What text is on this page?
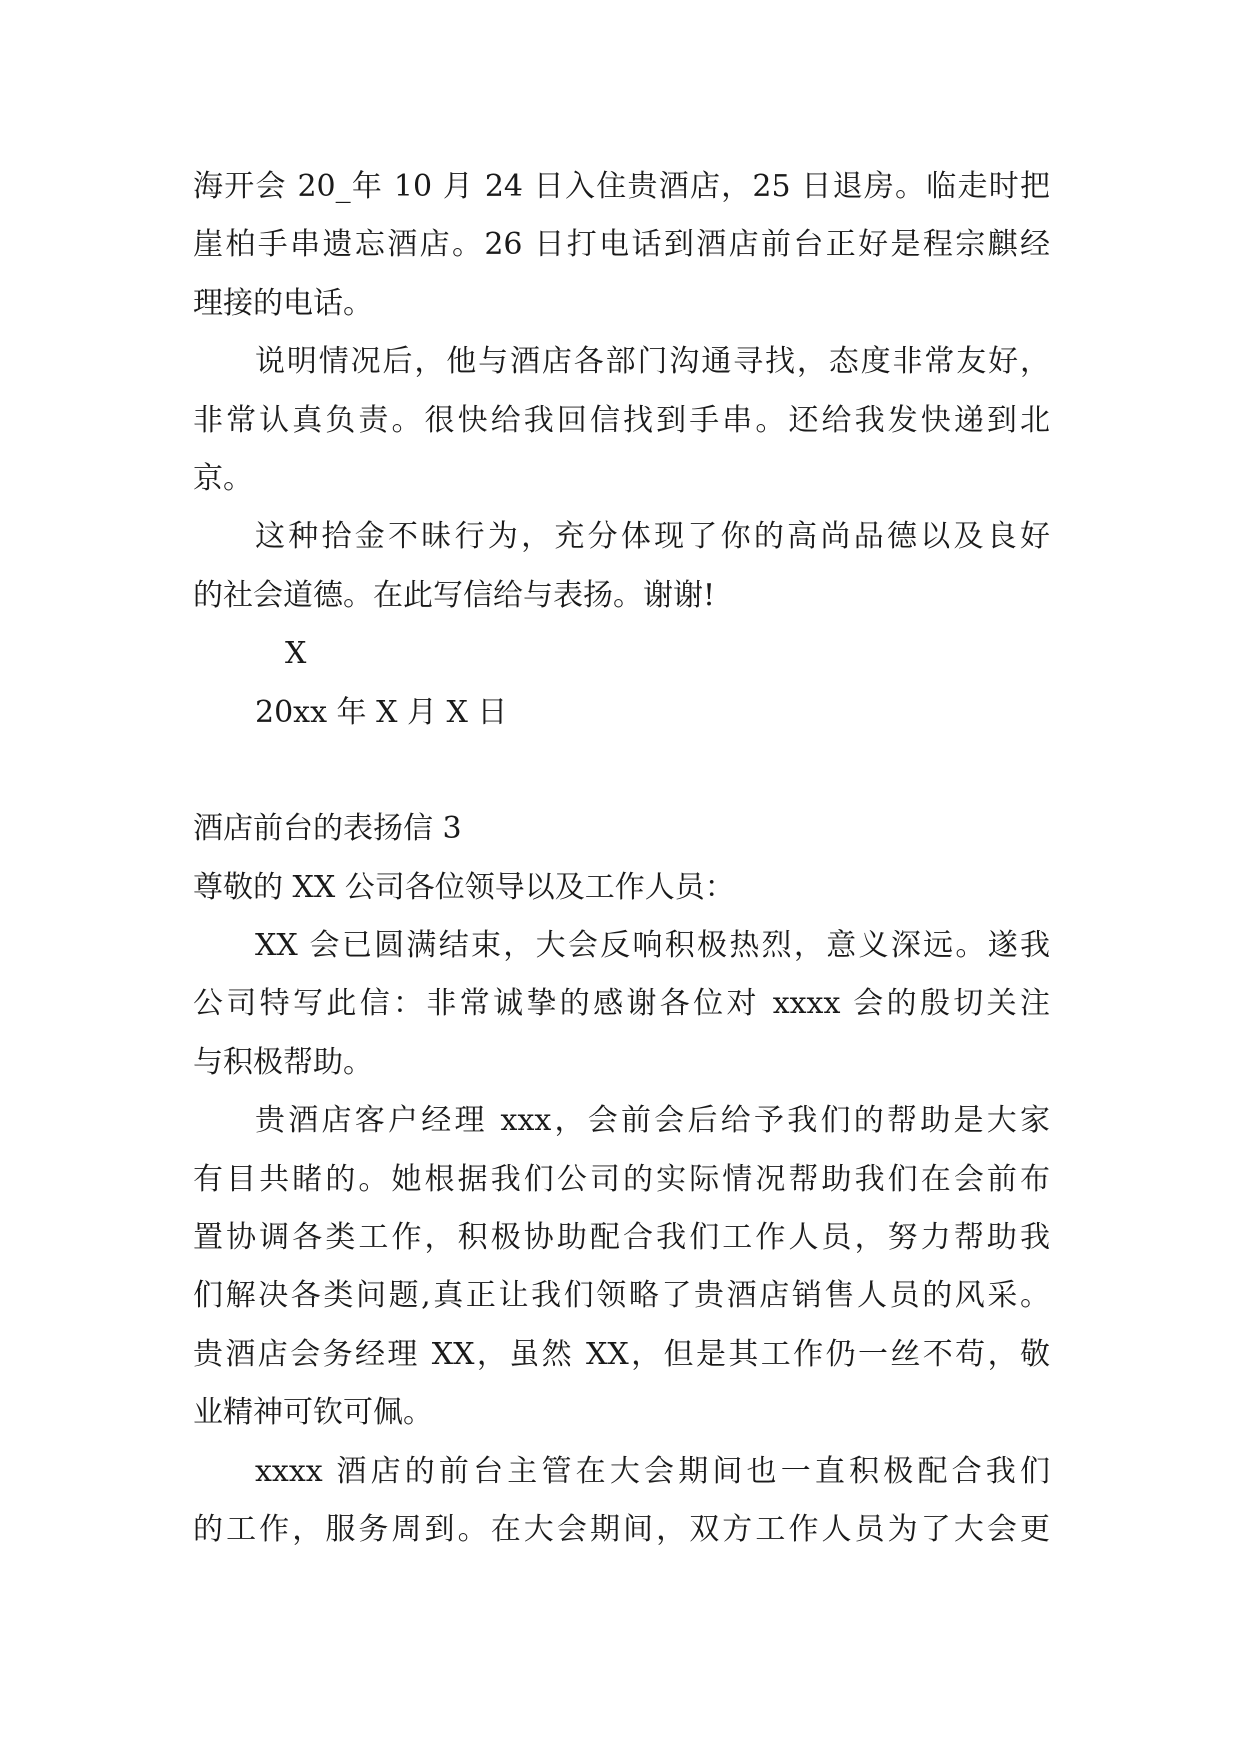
海开会 20_年 10 月 24 日入住贵酒店，25 日退房。临走时把
崖柏手串遗忘酒店。26 日打电话到酒店前台正好是程宗麒经
理接的电话。
说明情况后，他与酒店各部门沟通寻找，态度非常友好，
非常认真负责。很快给我回信找到手串。还给我发快递到北
京。
这种拾金不昧行为，充分体现了你的高尚品德以及良好
的社会道德。在此写信给与表扬。谢谢!
X
20xx 年 X 月 X 日
酒店前台的表扬信 3
尊敬的 XX 公司各位领导以及工作人员：
XX 会已圆满结束，大会反响积极热烈，意义深远。遂我
公司特写此信：非常诚挚的感谢各位对 xxxx 会的殷切关注
与积极帮助。
贵酒店客户经理 xxx，会前会后给予我们的帮助是大家
有目共睹的。她根据我们公司的实际情况帮助我们在会前布
置协调各类工作，积极协助配合我们工作人员，努力帮助我
们解决各类问题,真正让我们领略了贵酒店销售人员的风采。
贵酒店会务经理 XX，虽然 XX，但是其工作仍一丝不苟，敬
业精神可钦可佩。
xxxx 酒店的前台主管在大会期间也一直积极配合我们
的工作，服务周到。在大会期间，双方工作人员为了大会更
